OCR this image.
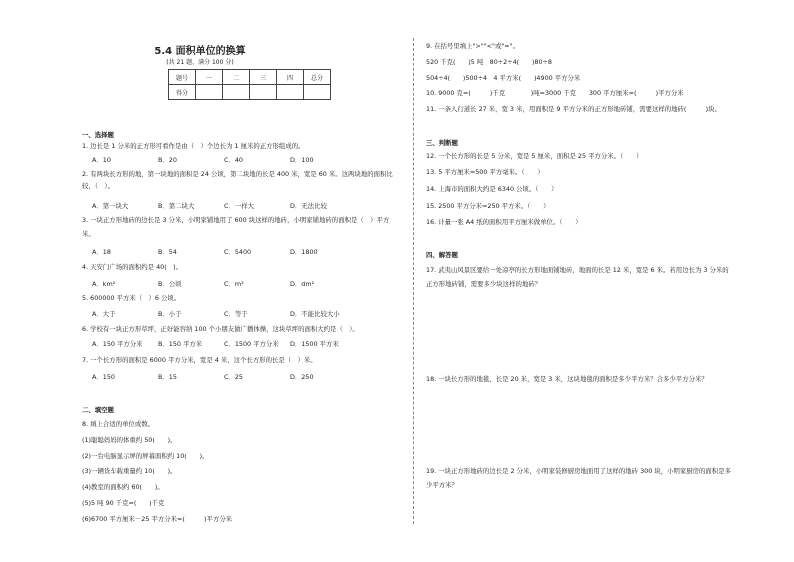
5.4 面积单位的换算
(共 21 题，满分 100 分)
题号	一	二	三	四	总分
得分					
一、选择题
1. 边长是 1 分米的正方形可看作是由（　）个边长为 1 厘米的正方形组成的。
A．10	B．20	C．40	D．100
2. 有两块长方形的地，第一块地的面积是 24 公顷，第二块地的长是 400 米，宽是 60 米。这两块地的面积比
较，（　）。
A．第一块大	B．第二块大	C．一样大	D．无法比较
3. 一块正方形地砖的边长是 3 分米，小明家铺地用了 600 块这样的地砖，小明家铺地砖的面积是（　）平方
米。
A．18	B．54	C．5400	D．1800
4. 天安门广场的面积约是 40(　)。
A．km²	B．公顷	C．m²	D．dm²
5. 600000 平方米（　）6 公顷。
A．大于	B．小于	C．等于	D．不能比较大小
6. 学校有一块正方形草坪，正好能容纳 100 个小朋友做广播体操，这块草坪的面积大约是（　）。
A．150 平方分米 B．150 平方米	C．1500 平方分米 D．1500 平方米
7. 一个长方形的面积是 6000 平方分米，宽是 4 米，这个长方形的长是（　）米。
A．150	B．15	C．25	D．250
二、填空题
8. 填上合适的单位或数。
(1)聪聪妈妈的体重约 50(　　)。
(2)一台电脑显示屏的屏幕面积约 10(　　)。
(3)一辆货车载重量约 10(　　)。
(4)教室的面积约 60(　　)。
(5)5 吨 90 千克=(　　)千克
(6)6700 平方厘米－25 平方分米=(　　　)平方分米
9. 在括号里填上">""<"或"="。
520 千克(　　)5 吨　80÷2÷4(　　)80÷8
504÷4(　　)500÷4　4 平方米(　　)4900 平方分米
10. 9000 克=(　　　)千克　　　　)吨=3000 千克　　300 平方厘米=(　　　)平方分米
11. 一条人行道长 27 米，宽 3 米，用面积是 9 平方分米的正方形地砖铺，需要这样的地砖(　　　)块。
三、判断题
12. 一个长方形的长是 5 分米，宽是 5 厘米，面积是 25 平方分米。（　　）
13. 5 平方厘米=500 平方毫米。（　　）
14. 上海市的面积大约是 6340 公顷。（　　）
15. 2500 平方分米=250 平方米。（　　）
16. 计量一张 A4 纸的面积用平方厘米做单位。（　　）
四、解答题
17. 武夷山风景区要给一处凉亭的长方形地面铺地砖，地面的长是 12 米，宽是 6 米。若用边长为 3 分米的
正方形地砖铺，需要多少块这样的地砖？
18. 一块长方形的地毯，长是 20 米，宽是 3 米，这块地毯的面积是多少平方米？合多少平方分米？
19. 一块正方形地砖的边长是 2 分米，小明家装修厨房地面用了这样的地砖 300 块，小明家厨房的面积是多
少平方米？
